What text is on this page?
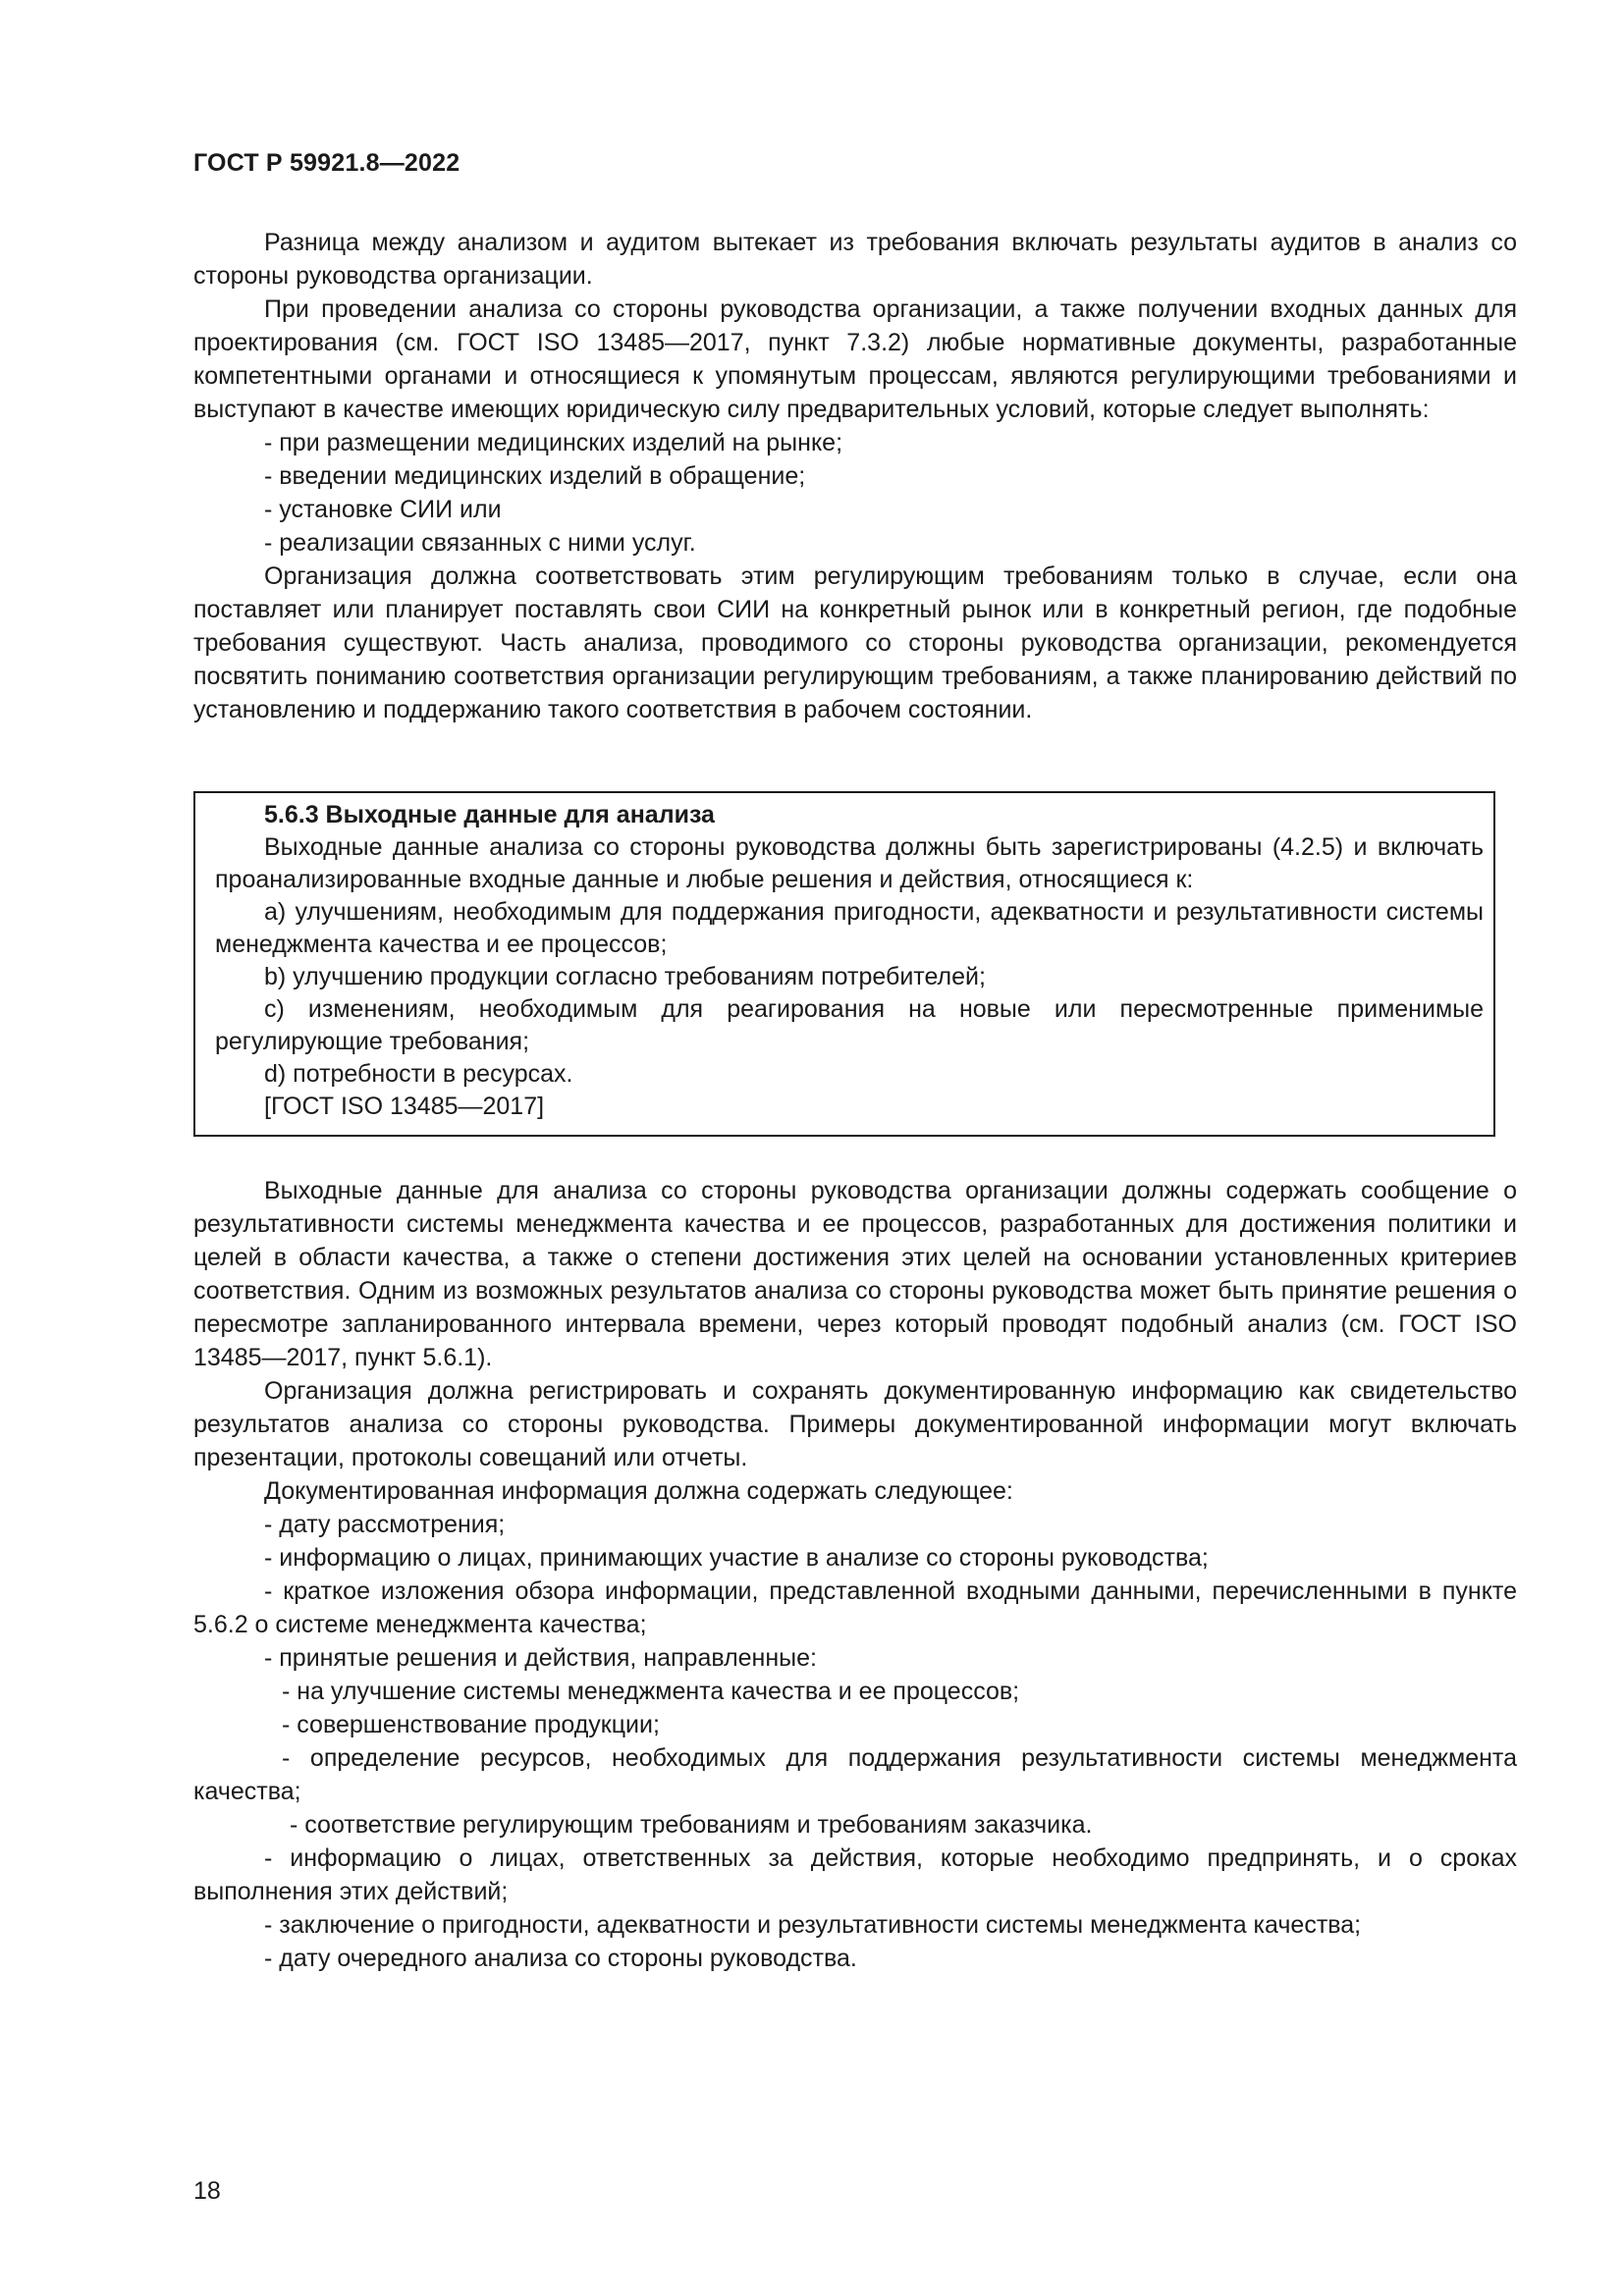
ГОСТ Р 59921.8—2022

Разница между анализом и аудитом вытекает из требования включать результаты аудитов в анализ со стороны руководства организации.

При проведении анализа со стороны руководства организации, а также получении входных данных для проектирования (см. ГОСТ ISO 13485—2017, пункт 7.3.2) любые нормативные документы, разработанные компетентными органами и относящиеся к упомянутым процессам, являются регулирующими требованиями и выступают в качестве имеющих юридическую силу предварительных условий, которые следует выполнять:

- при размещении медицинских изделий на рынке;

- введении медицинских изделий в обращение;

- установке СИИ или

- реализации связанных с ними услуг.

Организация должна соответствовать этим регулирующим требованиям только в случае, если она поставляет или планирует поставлять свои СИИ на конкретный рынок или в конкретный регион, где подобные требования существуют. Часть анализа, проводимого со стороны руководства организации, рекомендуется посвятить пониманию соответствия организации регулирующим требованиям, а также планированию действий по установлению и поддержанию такого соответствия в рабочем состоянии.

5.6.3 Выходные данные для анализа

Выходные данные анализа со стороны руководства должны быть зарегистрированы (4.2.5) и включать проанализированные входные данные и любые решения и действия, относящиеся к:

a) улучшениям, необходимым для поддержания пригодности, адекватности и результативности системы менеджмента качества и ее процессов;

b) улучшению продукции согласно требованиям потребителей;

c) изменениям, необходимым для реагирования на новые или пересмотренные применимые регулирующие требования;

d) потребности в ресурсах.

[ГОСТ ISO 13485—2017]

Выходные данные для анализа со стороны руководства организации должны содержать сообщение о результативности системы менеджмента качества и ее процессов, разработанных для достижения политики и целей в области качества, а также о степени достижения этих целей на основании установленных критериев соответствия. Одним из возможных результатов анализа со стороны руководства может быть принятие решения о пересмотре запланированного интервала времени, через который проводят подобный анализ (см. ГОСТ ISO 13485—2017, пункт 5.6.1).

Организация должна регистрировать и сохранять документированную информацию как свидетельство результатов анализа со стороны руководства. Примеры документированной информации могут включать презентации, протоколы совещаний или отчеты.

Документированная информация должна содержать следующее:

- дату рассмотрения;

- информацию о лицах, принимающих участие в анализе со стороны руководства;

- краткое изложения обзора информации, представленной входными данными, перечисленными в пункте 5.6.2 о системе менеджмента качества;

- принятые решения и действия, направленные:

- на улучшение системы менеджмента качества и ее процессов;

- совершенствование продукции;

- определение ресурсов, необходимых для поддержания результативности системы менеджмента качества;

- соответствие регулирующим требованиям и требованиям заказчика.

- информацию о лицах, ответственных за действия, которые необходимо предпринять, и о сроках выполнения этих действий;

- заключение о пригодности, адекватности и результативности системы менеджмента качества;

- дату очередного анализа со стороны руководства.

18
